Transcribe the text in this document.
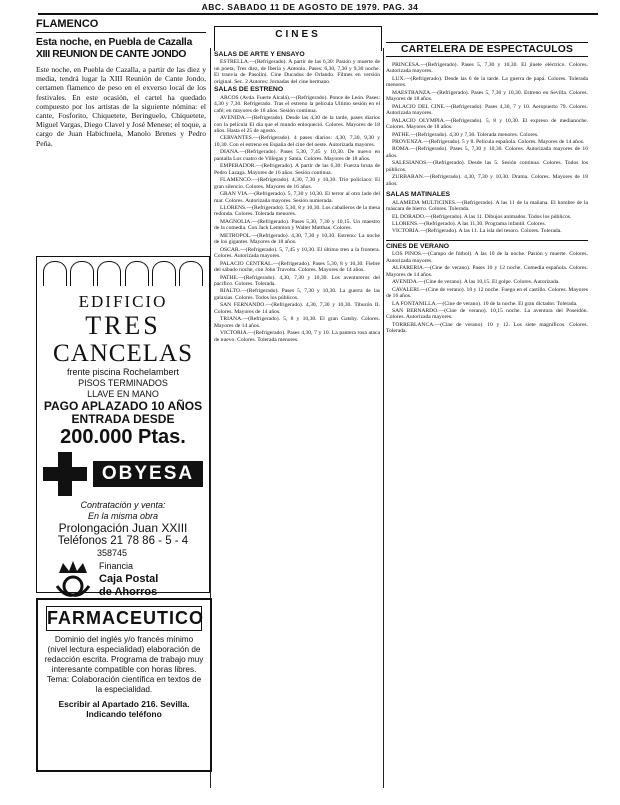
ABC. SABADO 11 DE AGOSTO DE 1979. PAG. 34
FLAMENCO
Esta noche, en Puebla de Cazalla
XIII REUNION DE CANTE JONDO
Este noche, en Puebla de Cazalla, a partir de las diez y media, tendrá lugar la XIII Reunión de Cante Jondo, certamen flamenco de peso en el exverso local de los festivales. En este ocasión, el cartel ha quedado compuesto por los artistas de la siguiente nómina: el cante, Fosforito, Chiquetete, Beringuelo, Chiquetete, Miguel Vargas, Diego Clavel y José Menese; el toque, a cargo de Juan Habichuela, Manolo Brenes y Pedro Peña.
EDIFICIO
TRES
CANCELAS
frente piscina Rochelambert
PISOS TERMINADOS
LLAVE EN MANO
PAGO APLAZADO 10 AÑOS
ENTRADA DESDE
200.000 Ptas.
OBYESA
Contratación y venta:
En la misma obra
Prolongación Juan XXIII
Teléfonos 21 78 86 - 5 - 4
358745
Financia
Caja Postal
de Ahorros
FARMACEUTICO
Dominio del inglés y/o francés mínimo (nivel lectura especialidad) elaboración de redacción escrita. Programa de trabajo muy interesante compatible con horas libres. Tema: Colaboración científica en textos de la especialidad.
Escribir al Apartado 216. Sevilla.
Indicando teléfono
CARTELERA DE ESPECTACULOS
CINES
SALAS DE ARTE Y ENSAYO
ESTRELLA.—(Refrigerado). A partir de las 6,30: Pasión y muerte de un poeta, Tres diez, de Iberia y Antonio. Pases: 6,30, 7,30 y 9,30 noche. El tranvía de Pasolini. Cine Ducados de Orlando. Filmes en versión original. Sec. 2 Autores: Jornadas del cine hermano.
SALAS DE ESTRENO
ARCOS (Avda. Fuerte Alcalá).—(Refrigerado). Ponce de León. Pases: 4,30 y 7,30. Refrigerado. Tras el estreno la película Ultimo sesión en el café; en mayores de 18 años. Sesión continua.
AVENIDA.—(Refrigerado). Desde las 4,30 de la tarde, pases diarios con la película El día que el mundo enloqueció. Colores. Mayores de 18 años. Hasta el 25 de agosto.
CERVANTES.—(Refrigerado). 4 pases diarios: 4,30, 7,30, 9,30 y 10,30. Con el estreno en España del cine del oeste. Autorizada mayores.
DIANA.—(Refrigerado). Pases 5,30, 7,45 y 10,30. De nuevo en pantalla Los cuatro de Villegas y Santa. Colores. Mayores de 18 años.
EMPERADOR.—(Refrigerado). A partir de las 6,30: Fuerza bruta de Pedro Lazaga. Mayores de 16 años. Sesión continua.
FLAMENCO.—(Refrigerado). 4,30, 7,30 y 10,30. Trío policiaco: El gran silencio. Colores. Mayores de 16 años.
GRAN VIA.—(Refrigerado). 5, 7,30 y 10,30. El terror al otro lado del mar. Colores. Autorizada mayores. Sesión numerada.
LLORENS.—(Refrigerado). 5,30, 8 y 10,30. Los caballeros de la mesa redonda. Colores. Tolerada menores.
MAGNOLIA.—(Refrigerado). Pases 5,30, 7,30 y 10,15. Un maestro de la comedia. Con Jack Lemmon y Walter Matthau. Colores.
METROPOL.—(Refrigerado). 4,30, 7,30 y 10,30. Estreno: La noche de los gigantes. Mayores de 18 años.
OSCAR.—(Refrigerado). 5, 7,45 y 10,30. El último tren a la frontera. Colores. Autorizada mayores.
PALACIO CENTRAL.—(Refrigerado). Pases 5,30, 8 y 10,30. Fiebre del sábado noche, con John Travolta. Colores. Mayores de 14 años.
PATHE.—(Refrigerado). 4,30, 7,30 y 10,30. Los aventureros del pacífico. Colores. Tolerada.
RIALTO.—(Refrigerado). Pases 5, 7,30 y 10,30. La guerra de las galaxias. Colores. Todos los públicos.
SAN FERNANDO.—(Refrigerado). 4,30, 7,30 y 10,30. Tiburón II. Colores. Mayores de 14 años.
TRIANA.—(Refrigerado). 5, 8 y 10,30. El gran Gatsby. Colores. Mayores de 14 años.
VICTORIA.—(Refrigerado). Pases 4,30, 7 y 10. La pantera rosa ataca de nuevo. Colores. Tolerada menores.
PRINCESA.—(Refrigerado). Pases 5, 7,30 y 10,30. El jinete eléctrico. Colores. Autorizada mayores.
LUX.—(Refrigerado). Desde las 6 de la tarde. La guerra de papá. Colores. Tolerada menores.
MAESTRANZA.—(Refrigerado). Pases 5, 7,30 y 10,30. Estreno en Sevilla. Colores. Mayores de 18 años.
PALACIO DEL CINE.—(Refrigerado). Pases 4,30, 7 y 10. Aeropuerto 79. Colores. Autorizada mayores.
PALACIO OLYMPIA.—(Refrigerado). 5, 8 y 10,30. El expreso de medianoche. Colores. Mayores de 18 años.
PATHE.—(Refrigerado). 4,30 y 7,30. Tolerada menores. Colores.
PROVENZA.—(Refrigerado). 5 y 8. Película española. Colores. Mayores de 14 años.
ROMA.—(Refrigerado). Pases 5, 7,30 y 10,30. Colores. Autorizada mayores de 16 años.
SALESIANOS.—(Refrigerado). Desde las 5. Sesión continua. Colores. Todos los públicos.
ZURBARAN.—(Refrigerado). 4,30, 7,30 y 10,30. Drama. Colores. Mayores de 18 años.
SALAS MATINALES
ALAMEDA MULTICINES.—(Refrigerado). A las 11 de la mañana. El hombre de la máscara de hierro. Colores. Tolerada.
EL DORADO.—(Refrigerado). A las 11. Dibujos animados. Todos los públicos.
LLORENS.—(Refrigerado). A las 11,30. Programa infantil. Colores.
VICTORIA.—(Refrigerado). A las 11. La isla del tesoro. Colores. Tolerada.
CINES DE VERANO
LOS PINOS.—(Campo de fútbol). A las 10 de la noche. Pasión y muerte. Colores. Autorizada mayores.
ALFARERIA.—(Cine de verano). Pases 10 y 12 noche. Comedia española. Colores. Mayores de 14 años.
AVENIDA.—(Cine de verano). A las 10,15. El golpe. Colores. Autorizada.
CAVALERI.—(Cine de verano). 10 y 12 noche. Fuego en el castillo. Colores. Mayores de 16 años.
LA FONTANILLA.—(Cine de verano). 10 de la noche. El gran dictador. Tolerada.
SAN BERNARDO.—(Cine de verano). 10,15 noche. La aventura del Poseidón. Colores. Autorizada mayores.
TORREBLANCA.—(Cine de verano). 10 y 12. Los siete magníficos. Colores. Tolerada.
